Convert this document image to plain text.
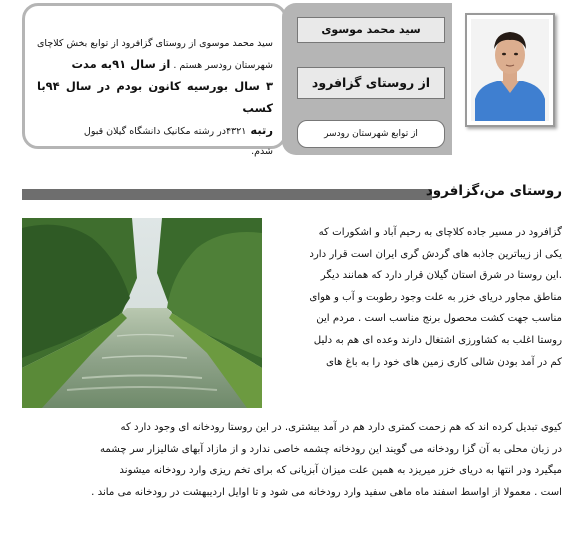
سید محمد موسوی از روستای گزافرود از توابع بخش کلاچای شهرستان رودسر هستم . از سال ۹۱به مدت
۳ سال بورسیه کانون بودم در سال ۹۴با کسب
رتبه ۴۳۲۱در رشته مکانیک دانشگاه گیلان قبول
شدم.
سید محمد موسوی
از روستای گزافرود
از توابع شهرستان رودسر
روستای من،گزافرود
گزافرود در مسیر جاده کلاچای به رحیم آباد و اشکورات که
یکی از زیباترین جاذبه های گردش گری ایران است قرار دارد
.این روستا در شرق استان گیلان قرار دارد که همانند دیگر
مناطق مجاور دریای خزر به علت وجود رطوبت و آب و هوای
مناسب جهت کشت محصول برنج مناسب است . مردم این
روستا اغلب به کشاورزی اشتغال دارند وعده ای هم به دلیل
کم در آمد بودن شالی کاری زمین های خود را به باغ های
کیوی تبدیل کرده اند که هم زحمت کمتری دارد هم در آمد بیشتری. در این روستا رودخانه ای وجود دارد که
در زبان محلی به آن گزا رودخانه می گویند این رودخانه چشمه خاصی ندارد و از مازاد آبهای شالیزار سر چشمه
میگیرد ودر انتها به دریای خزر میریزد به همین علت میزان آبزیانی که برای تخم ریزی وارد رودخانه میشوند
است . معمولا از اواسط اسفند ماه ماهی سفید وارد رودخانه می شود و تا اوایل اردیبهشت در رودخانه می ماند .
